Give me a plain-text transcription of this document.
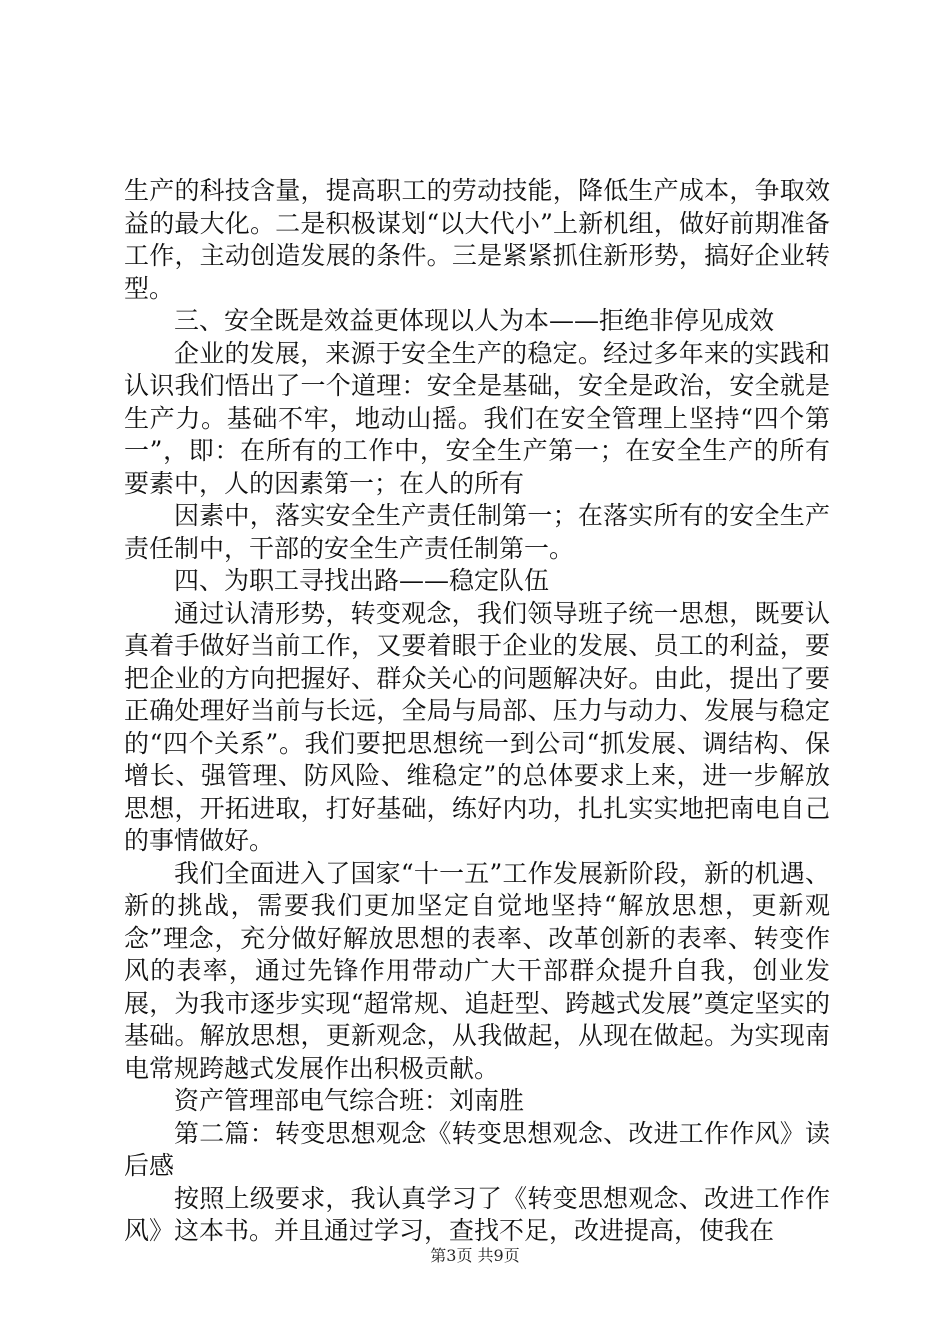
生产的科技含量，提高职工的劳动技能，降低生产成本，争取效益的最大化。二是积极谋划“以大代小”上新机组，做好前期准备工作，主动创造发展的条件。三是紧紧抓住新形势，搞好企业转型。

三、安全既是效益更体现以人为本——拒绝非停见成效

企业的发展，来源于安全生产的稳定。经过多年来的实践和认识我们悟出了一个道理：安全是基础，安全是政治，安全就是生产力。基础不牢，地动山摇。我们在安全管理上坚持“四个第一”，即：在所有的工作中，安全生产第一；在安全生产的所有要素中，人的因素第一；在人的所有

因素中，落实安全生产责任制第一；在落实所有的安全生产责任制中，干部的安全生产责任制第一。

四、为职工寻找出路——稳定队伍

通过认清形势，转变观念，我们领导班子统一思想，既要认真着手做好当前工作，又要着眼于企业的发展、员工的利益，要把企业的方向把握好、群众关心的问题解决好。由此，提出了要正确处理好当前与长远，全局与局部、压力与动力、发展与稳定的“四个关系”。我们要把思想统一到公司“抓发展、调结构、保增长、强管理、防风险、维稳定”的总体要求上来，进一步解放思想，开拓进取，打好基础，练好内功，扎扎实实地把南电自己的事情做好。

我们全面进入了国家“十一五”工作发展新阶段，新的机遇、新的挑战，需要我们更加坚定自觉地坚持“解放思想，更新观念”理念，充分做好解放思想的表率、改革创新的表率、转变作风的表率，通过先锋作用带动广大干部群众提升自我，创业发展，为我市逐步实现“超常规、追赶型、跨越式发展”奠定坚实的基础。解放思想，更新观念，从我做起，从现在做起。为实现南电常规跨越式发展作出积极贡献。

资产管理部电气综合班：刘南胜

第二篇：转变思想观念《转变思想观念、改进工作作风》读后感

按照上级要求，我认真学习了《转变思想观念、改进工作作风》这本书。并且通过学习，查找不足，改进提高，使我在

第3页 共9页
